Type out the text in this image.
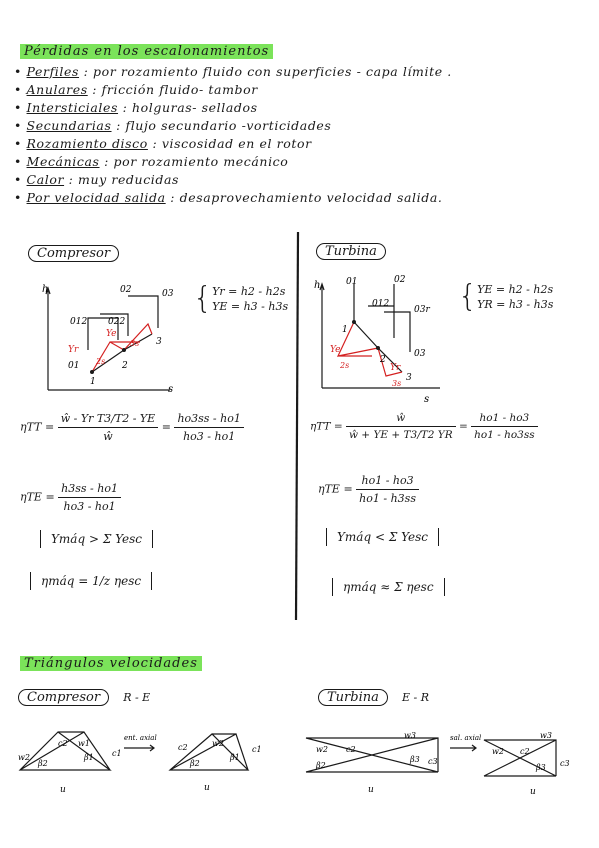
Pérdidas en los escalonamientos
• Perfiles : por rozamiento fluido con superficies - capa límite .
• Anulares : fricción fluido- tambor
• Intersticiales : holguras- sellados
• Secundarias : flujo secundario -vorticidades
• Rozamiento disco : viscosidad en el rotor
• Mecánicas : por rozamiento mecánico
• Calor : muy reducidas
• Por velocidad salida : desaprovechamiento velocidad salida.
Compresor
h
s
012 022
02	03
01
1
2
3
Yr
Ye
3s
2s
{ Yr = h2 - h2s
YE = h3 - h3s
$\eta TT = \frac{\text{ŵ - Yr T3/T2 - YE}}{ŵ} = \frac{ho3ss - ho1}{ho3 - ho1}$
$\eta TE = \frac{h3ss - ho1}{ho3 - ho1}$
Ymáq > Σ Yesc
ηmáq = 1/z ηesc
Turbina
h
s
01	02
012
03r
1
2
03
3
Ye
Yr
2s
3s
{ YE = h2 - h2s
YR = h3 - h3s
$\eta TT = \frac{ŵ}{ŵ + YE + T3/T2 YR} = \frac{ho1 - ho3}{ho1 - ho3ss}$
$\eta TE = \frac{ho1 - ho3}{ho1 - h3ss}$
Ymáq < Σ Yesc
ηmáq ≈ Σ ηesc
Triángulos velocidades
Compresor R - E	Turbina E - R
w2
c2 w1
c1
β2
β1
u
ent. axial
c2	w2
β2
β1
c1
u
w2 c2
w3
c3
β2
β3
u
sal. axial
w2 c2
w3
β3 c3
u
